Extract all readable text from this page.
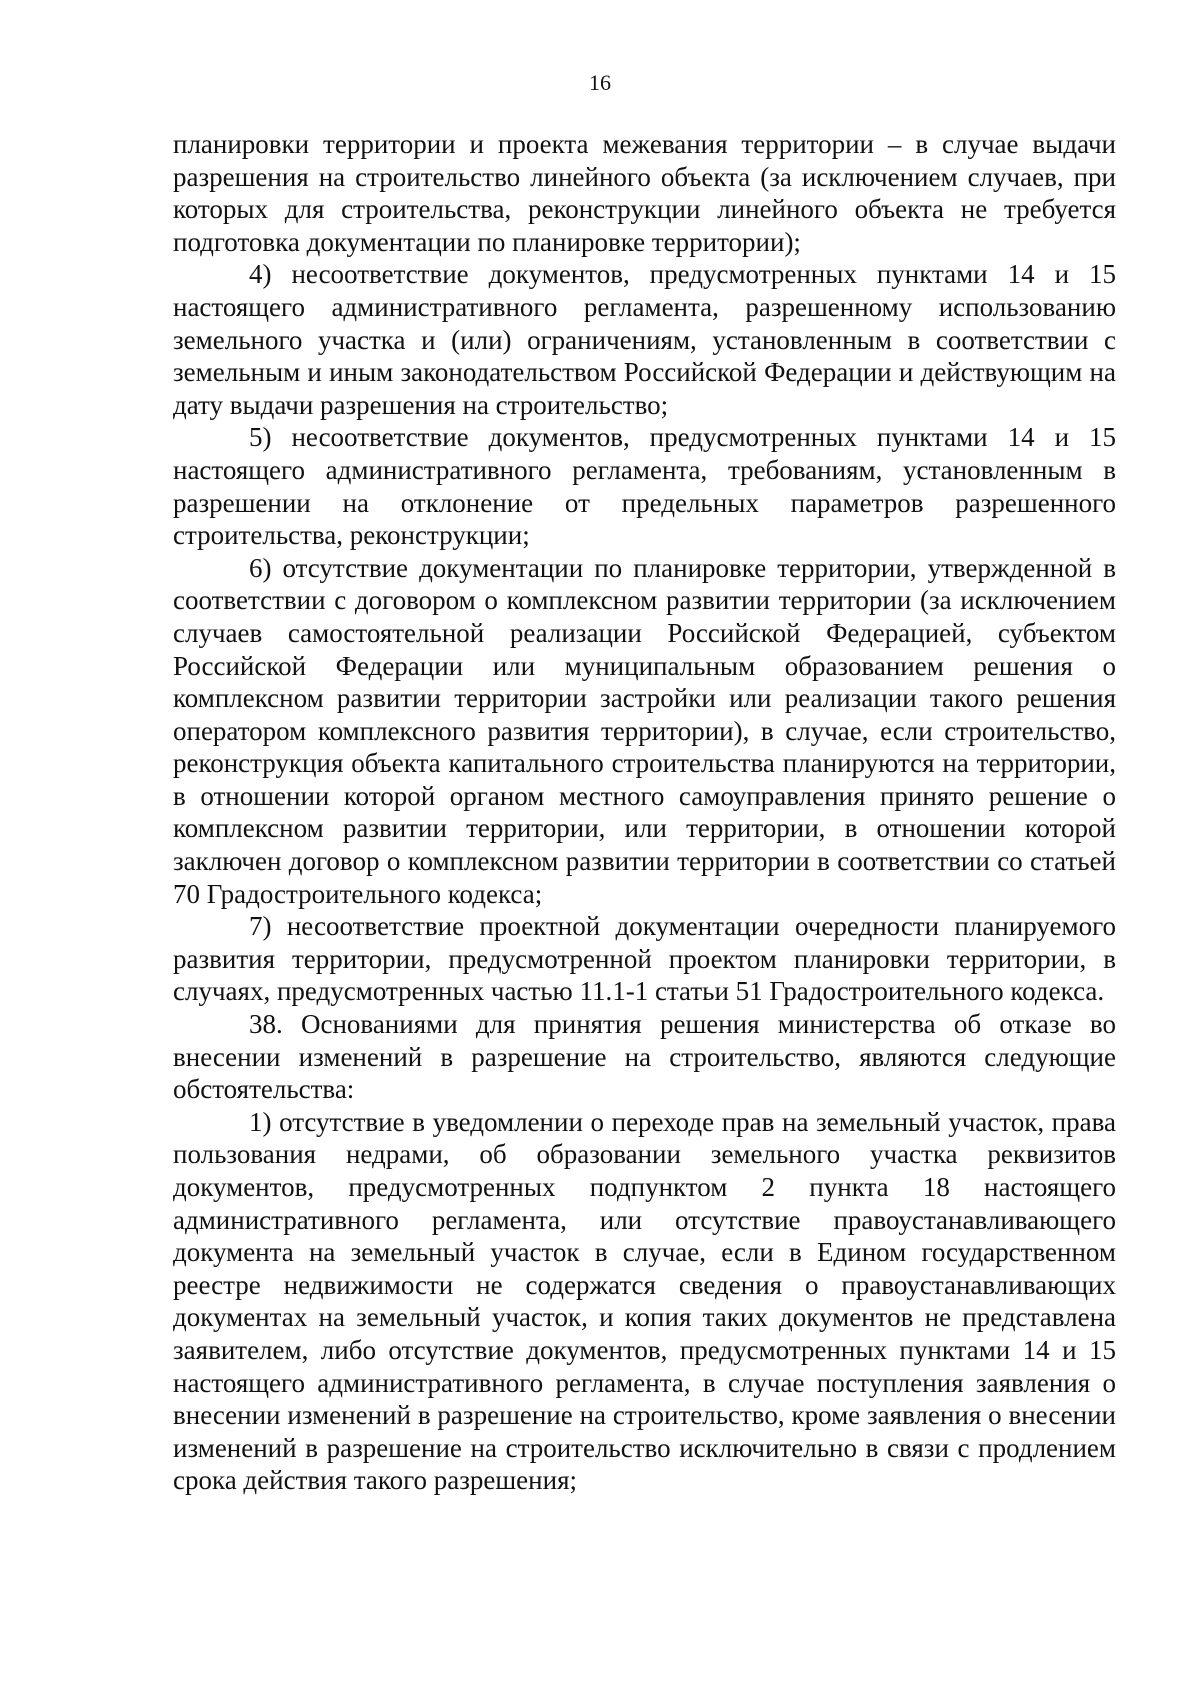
16

планировки территории и проекта межевания территории – в случае выдачи разрешения на строительство линейного объекта (за исключением случаев, при которых для строительства, реконструкции линейного объекта не требуется подготовка документации по планировке территории);

4) несоответствие документов, предусмотренных пунктами 14 и 15 настоящего административного регламента, разрешенному использованию земельного участка и (или) ограничениям, установленным в соответствии с земельным и иным законодательством Российской Федерации и действующим на дату выдачи разрешения на строительство;

5) несоответствие документов, предусмотренных пунктами 14 и 15 настоящего административного регламента, требованиям, установленным в разрешении на отклонение от предельных параметров разрешенного строительства, реконструкции;

6) отсутствие документации по планировке территории, утвержденной в соответствии с договором о комплексном развитии территории (за исключением случаев самостоятельной реализации Российской Федерацией, субъектом Российской Федерации или муниципальным образованием решения о комплексном развитии территории застройки или реализации такого решения оператором комплексного развития территории), в случае, если строительство, реконструкция объекта капитального строительства планируются на территории, в отношении которой органом местного самоуправления принято решение о комплексном развитии территории, или территории, в отношении которой заключен договор о комплексном развитии территории в соответствии со статьей 70 Градостроительного кодекса;

7) несоответствие проектной документации очередности планируемого развития территории, предусмотренной проектом планировки территории, в случаях, предусмотренных частью 11.1-1 статьи 51 Градостроительного кодекса.

38. Основаниями для принятия решения министерства об отказе во внесении изменений в разрешение на строительство, являются следующие обстоятельства:

1) отсутствие в уведомлении о переходе прав на земельный участок, права пользования недрами, об образовании земельного участка реквизитов документов, предусмотренных подпунктом 2 пункта 18 настоящего административного регламента, или отсутствие правоустанавливающего документа на земельный участок в случае, если в Едином государственном реестре недвижимости не содержатся сведения о правоустанавливающих документах на земельный участок, и копия таких документов не представлена заявителем, либо отсутствие документов, предусмотренных пунктами 14 и 15 настоящего административного регламента, в случае поступления заявления о внесении изменений в разрешение на строительство, кроме заявления о внесении изменений в разрешение на строительство исключительно в связи с продлением срока действия такого разрешения;
